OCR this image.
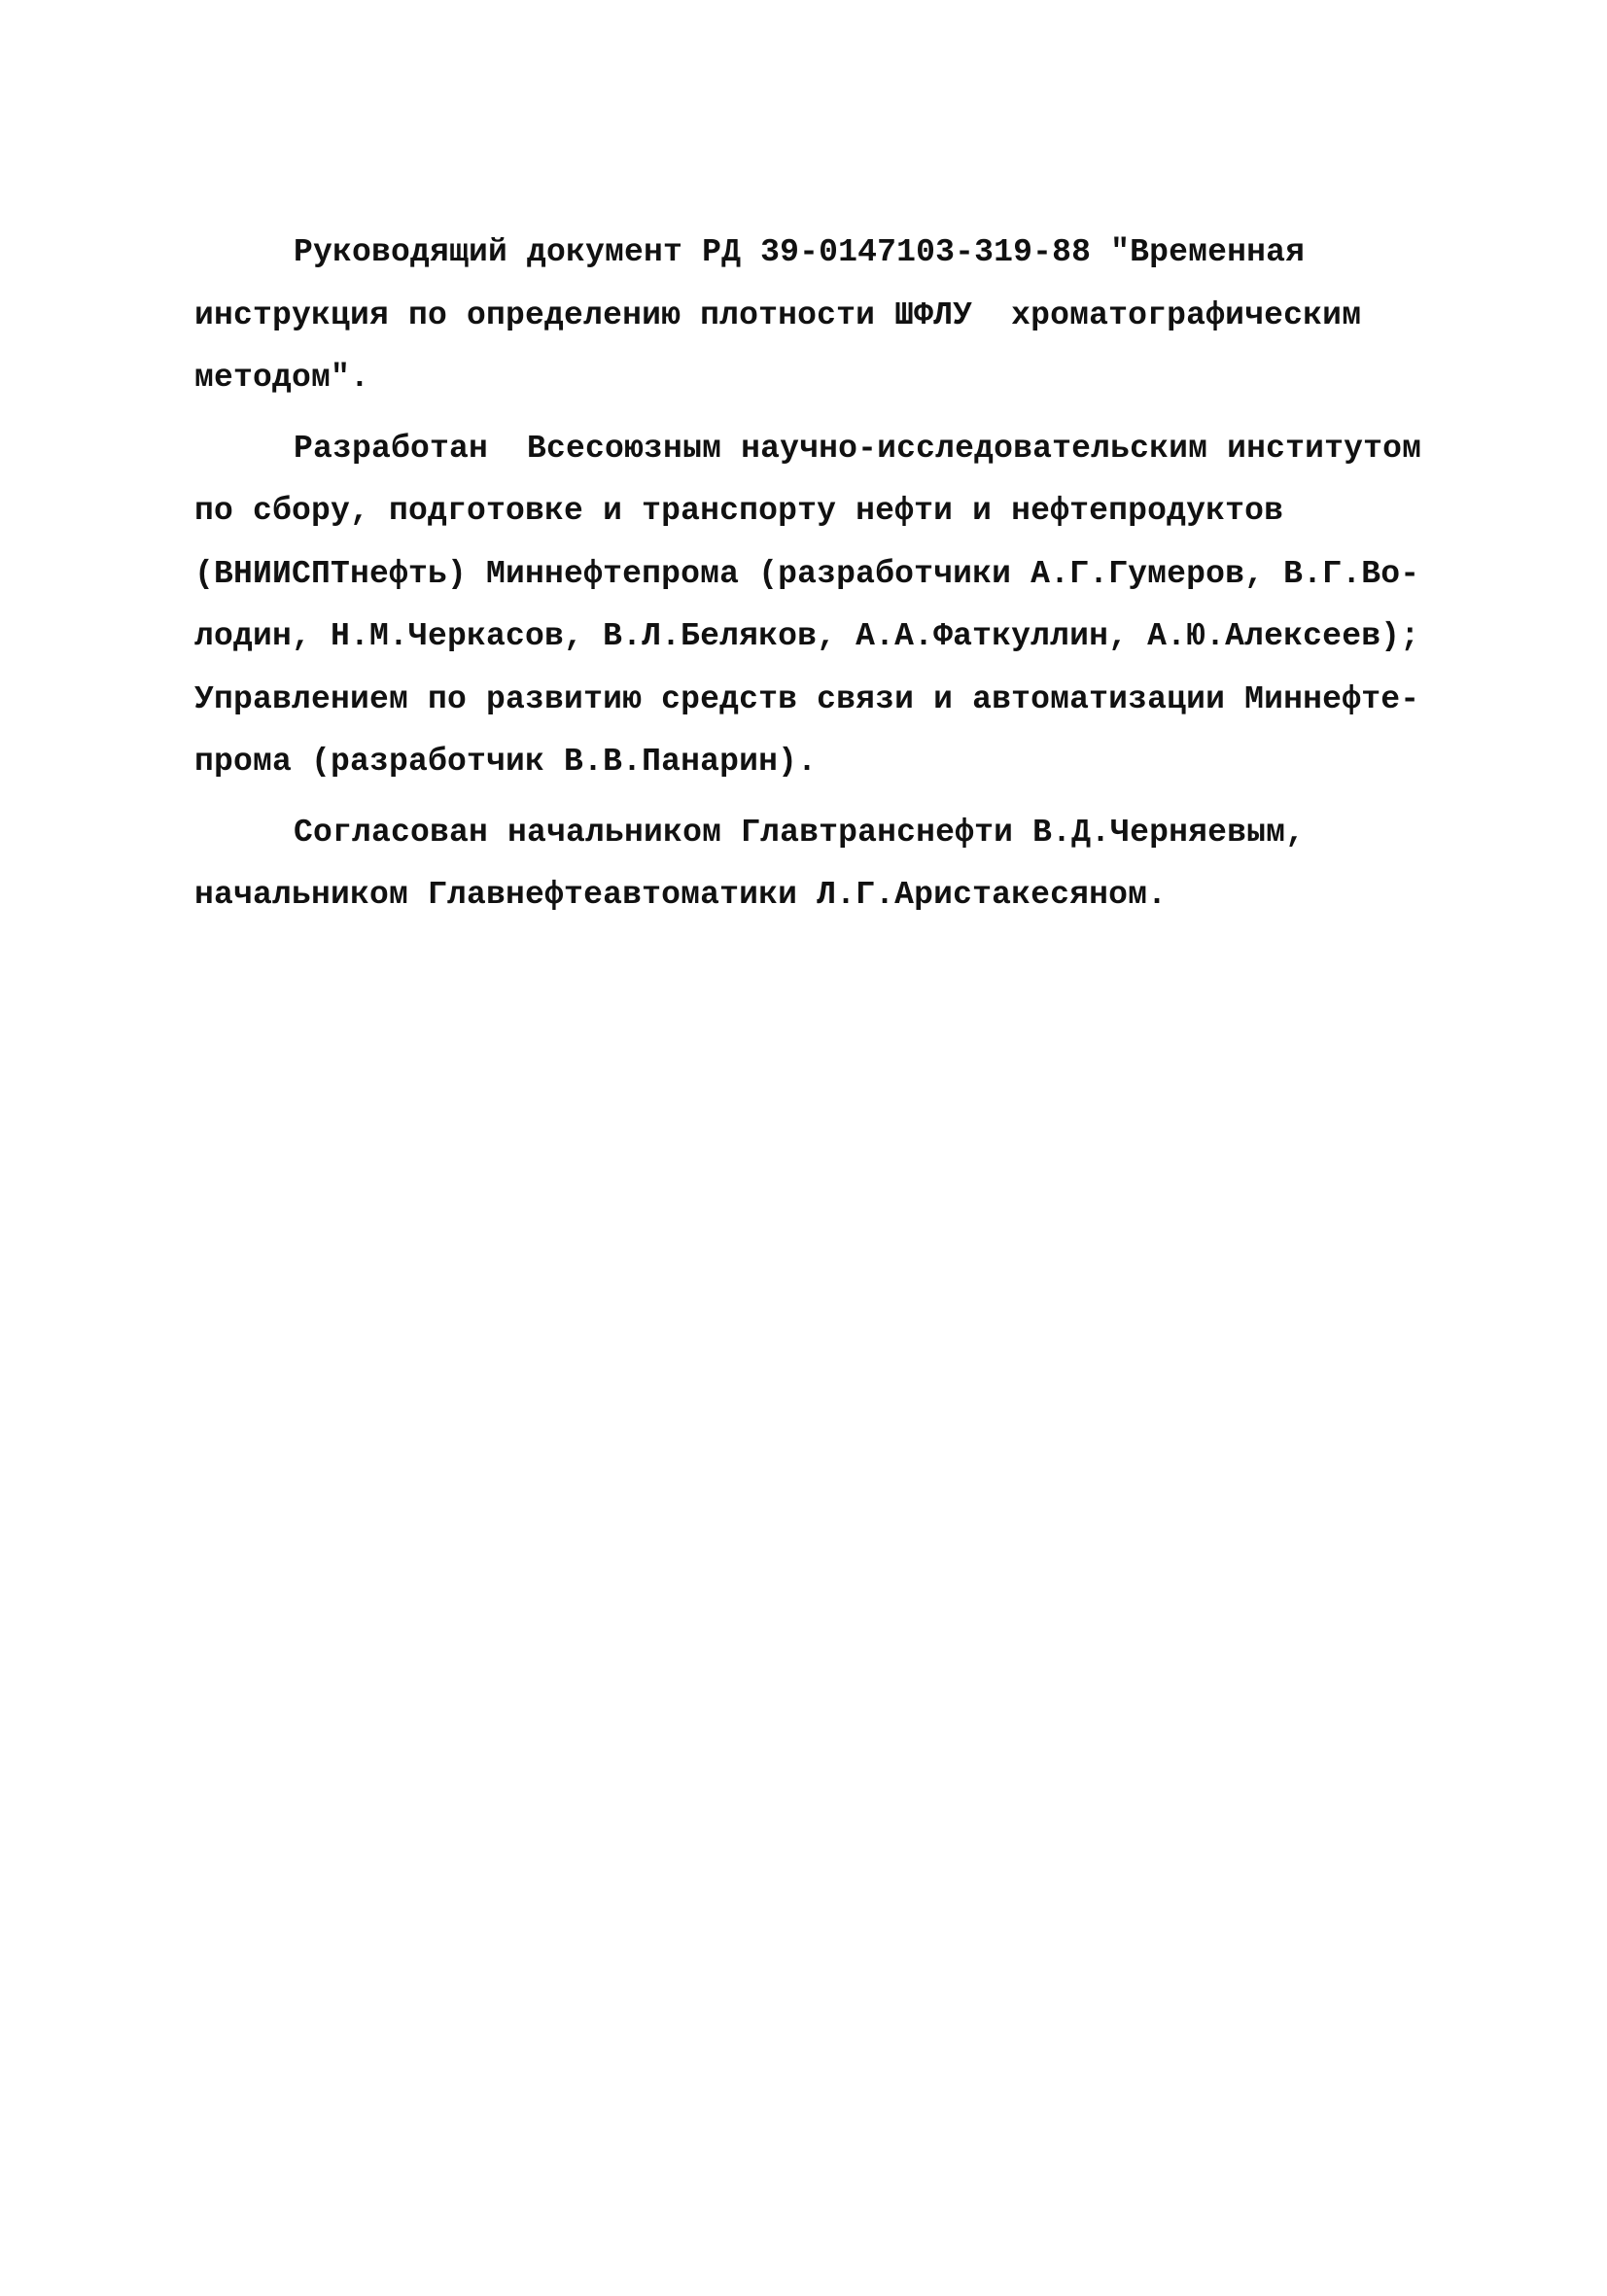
Руководящий документ РД 39-0147103-319-88 "Временная
инструкция по определению плотности ШФЛУ  хроматографическим
методом".
Разработан  Всесоюзным научно-исследовательским институтом
по сбору, подготовке и транспорту нефти и нефтепродуктов
(ВНИИСПТнефть) Миннефтепрома (разработчики А.Г.Гумеров, В.Г.Во-
лодин, Н.М.Черкасов, В.Л.Беляков, А.А.Фаткуллин, А.Ю.Алексеев);
Управлением по развитию средств связи и автоматизации Миннефте-
прома (разработчик В.В.Панарин).
Согласован начальником Главтранснефти В.Д.Черняевым,
начальником Главнефтеавтоматики Л.Г.Аристакесяном.
